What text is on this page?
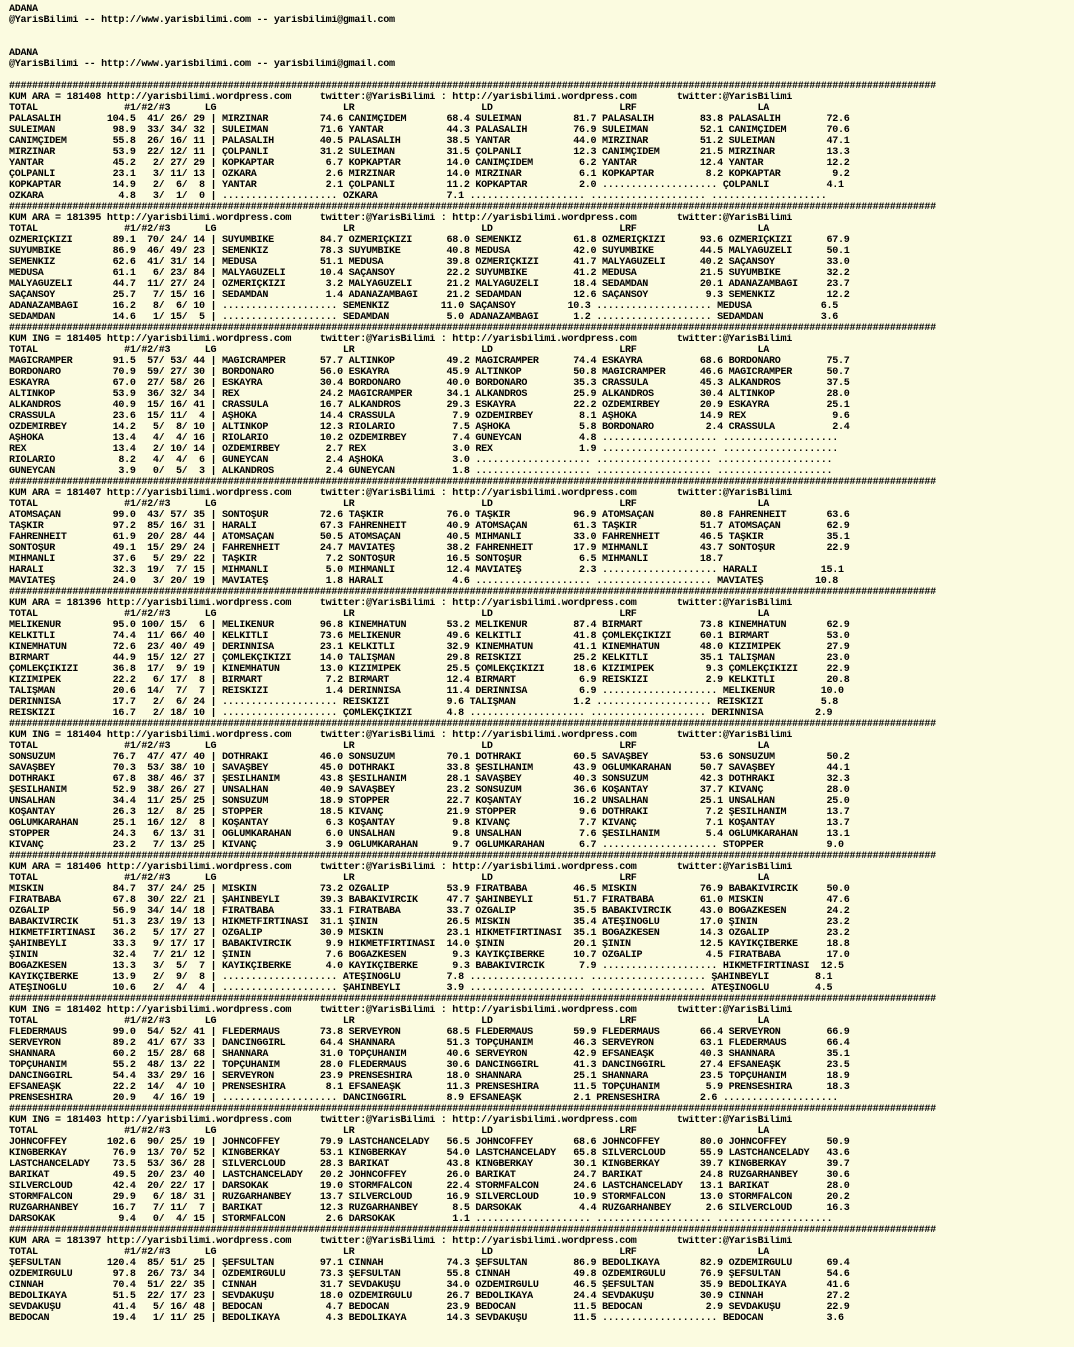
ADANA
@YarisBilimi -- http://www.yarisbilimi.com -- yarisbilimi@gmail.com
ADANA
@YarisBilimi -- http://www.yarisbilimi.com -- yarisbilimi@gmail.com
#################################################################################################################################################################
KUM ARA = 181408 http://yarisbilimi.wordpress.com     twitter:@YarisBilimi : http://yarisbilimi.wordpress.com       twitter:@YarisBilimi
TOTAL               #1/#2/#3      LG                      LR                      LD                      LRF                     LA
PALASALİH        104.5  41/ 26/ 29 | MIRZINAR         74.6 CANIMÇİDEM       68.4 SULEIMAN         81.7 PALASALİH        83.8 PALASALİH        72.6
SULEIMAN          98.9  33/ 34/ 32 | SULEIMAN         71.6 YANTAR           44.3 PALASALİH        76.9 SULEIMAN         52.1 CANIMÇİDEM       70.6
CANIMÇİDEM        55.8  26/ 16/ 11 | PALASALİH        40.5 PALASALİH        38.5 YANTAR           44.0 MIRZINAR         51.2 SULEIMAN         47.1
MIRZINAR          53.9  22/ 12/ 11 | ÇOLPANLI         31.2 SULEIMAN         31.5 ÇOLPANLI         12.3 CANIMÇİDEM       21.5 MIRZINAR         13.3
YANTAR            45.2   2/ 27/ 29 | KOPKAPTAR         6.7 KOPKAPTAR        14.0 CANIMÇİDEM        6.2 YANTAR           12.4 YANTAR           12.2
ÇOLPANLI          23.1   3/ 11/ 13 | ÖZKARA            2.6 MIRZINAR         14.0 MIRZINAR          6.1 KOPKAPTAR         8.2 KOPKAPTAR         9.2
KOPKAPTAR         14.9   2/  6/  8 | YANTAR            2.1 ÇOLPANLI         11.2 KOPKAPTAR         2.0 .................... ÇOLPANLI          4.1
ÖZKARA             4.8   3/  1/  0 | .................... ÖZKARA            7.1 .................... .................... ....................
#################################################################################################################################################################
KUM ARA = 181395 http://yarisbilimi.wordpress.com     twitter:@YarisBilimi : http://yarisbilimi.wordpress.com       twitter:@YarisBilimi
TOTAL               #1/#2/#3      LG                      LR                      LD                      LRF                     LA
ÖZMERİÇKIZI       89.1  70/ 24/ 14 | SUYUMBİKE        84.7 ÖZMERİÇKIZI      68.0 SEMENKIZ         61.8 ÖZMERİÇKIZI      93.6 ÖZMERİÇKIZI      67.9
SUYUMBİKE         86.9  46/ 49/ 23 | SEMENKIZ         78.3 SUYUMBİKE        40.8 MEDUSA           42.0 SUYUMBİKE        44.5 MALYAGÜZELİ      50.1
SEMENKIZ          62.6  41/ 31/ 14 | MEDUSA           51.1 MEDUSA           39.8 ÖZMERİÇKIZI      41.7 MALYAGÜZELİ      40.2 SAÇANSOY         33.0
MEDUSA            61.1   6/ 23/ 84 | MALYAGÜZELİ      10.4 SAÇANSOY         22.2 SUYUMBİKE        41.2 MEDUSA           21.5 SUYUMBİKE        32.2
MALYAGÜZELİ       44.7  11/ 27/ 24 | ÖZMERİÇKIZI       3.2 MALYAGÜZELİ      21.2 MALYAGÜZELİ      18.4 SEDAMDAN         20.1 ADANAZAMBAĞI     23.7
SAÇANSOY          25.7   7/ 15/ 16 | SEDAMDAN          1.4 ADANAZAMBAĞI     21.2 SEDAMDAN         12.6 SAÇANSOY          9.3 SEMENKIZ         12.2
ADANAZAMBAĞI      16.2   8/  6/ 10 | .................... SEMENKIZ         11.0 SAÇANSOY         10.3 .................... MEDUSA            6.5
SEDAMDAN          14.6   1/ 15/  5 | .................... SEDAMDAN          5.0 ADANAZAMBAĞI      1.2 .................... SEDAMDAN          3.6
#################################################################################################################################################################
KUM İNG = 181405 http://yarisbilimi.wordpress.com     twitter:@YarisBilimi : http://yarisbilimi.wordpress.com       twitter:@YarisBilimi
TOTAL               #1/#2/#3      LG                      LR                      LD                      LRF                     LA
MAGICRAMPER       91.5  57/ 53/ 44 | MAGICRAMPER      57.7 ALTINKOP         49.2 MAGICRAMPER      74.4 ESKAYRA          68.6 BORDONARO        75.7
BORDONARO         70.9  59/ 27/ 30 | BORDONARO        56.0 ESKAYRA          45.9 ALTINKOP         50.8 MAGICRAMPER      46.6 MAGICRAMPER      50.7
ESKAYRA           67.0  27/ 58/ 26 | ESKAYRA          30.4 BORDONARO        40.0 BORDONARO        35.3 CRASSULA         45.3 ALKANDROS        37.5
ALTINKOP          53.9  36/ 32/ 34 | REX              24.2 MAGICRAMPER      34.1 ALKANDROS        25.9 ALKANDROS        30.4 ALTINKOP         28.0
ALKANDROS         40.9  15/ 16/ 41 | CRASSULA         16.7 ALKANDROS        29.3 ESKAYRA          22.2 ÖZDEMİRBEY       20.9 ESKAYRA          25.1
CRASSULA          23.6  15/ 11/  4 | AŞHOKA           14.4 CRASSULA          7.9 ÖZDEMİRBEY        8.1 AŞHOKA           14.9 REX               9.6
ÖZDEMİRBEY        14.2   5/  8/ 10 | ALTINKOP         12.3 RİOLARIO          7.5 AŞHOKA            5.8 BORDONARO         2.4 CRASSULA          2.4
AŞHOKA            13.4   4/  4/ 16 | RİOLARIO         10.2 ÖZDEMİRBEY        7.4 GÜNEYCAN          4.8 .................... ....................
REX               13.4   2/ 10/ 14 | ÖZDEMİRBEY        2.7 REX               3.0 REX               1.9 .................... ....................
RİOLARIO           8.2   4/  4/  6 | GÜNEYCAN          2.4 AŞHOKA            3.0 .................... .................... ....................
GÜNEYCAN           3.9   0/  5/  3 | ALKANDROS         2.4 GÜNEYCAN          1.8 .................... .................... ....................
#################################################################################################################################################################
KUM ARA = 181407 http://yarisbilimi.wordpress.com     twitter:@YarisBilimi : http://yarisbilimi.wordpress.com       twitter:@YarisBilimi
TOTAL               #1/#2/#3      LG                      LR                      LD                      LRF                     LA
ATOMSAÇAN         99.0  43/ 57/ 35 | SONTOŞUR         72.6 TAŞKIR           76.0 TAŞKIR           96.9 ATOMSAÇAN        80.8 FAHRENHEİT       63.6
TAŞKIR            97.2  85/ 16/ 31 | HARALİ           67.3 FAHRENHEİT       40.9 ATOMSAÇAN        61.3 TAŞKIR           51.7 ATOMSAÇAN        62.9
FAHRENHEİT        61.9  20/ 28/ 44 | ATOMSAÇAN        50.5 ATOMSAÇAN        40.5 MİHMANLI         33.0 FAHRENHEİT       46.5 TAŞKIR           35.1
SONTOŞUR          49.1  15/ 29/ 24 | FAHRENHEİT       24.7 MAVİATEŞ         38.2 FAHRENHEİT       17.9 MİHMANLI         43.7 SONTOŞUR         22.9
MİHMANLI          37.6   5/ 29/ 22 | TAŞKIR            7.2 SONTOŞUR         16.5 SONTOŞUR          6.5 MİHMANLI         18.7
HARALİ            32.3  19/  7/ 15 | MİHMANLI          5.0 MİHMANLI         12.4 MAVİATEŞ          2.3 .................... HARALİ           15.1
MAVİATEŞ          24.0   3/ 20/ 19 | MAVİATEŞ          1.8 HARALİ            4.6 .................... .................... MAVİATEŞ         10.8
#################################################################################################################################################################
KUM ARA = 181396 http://yarisbilimi.wordpress.com     twitter:@YarisBilimi : http://yarisbilimi.wordpress.com       twitter:@YarisBilimi
TOTAL               #1/#2/#3      LG                      LR                      LD                      LRF                     LA
MELİKENUR         95.0 100/ 15/  6 | MELİKENUR        96.8 KİNEMHATUN       53.2 MELİKENUR        87.4 BİRMART          73.8 KİNEMHATUN       62.9
KELKİTLİ          74.4  11/ 66/ 40 | KELKİTLİ         73.6 MELİKENUR        49.6 KELKİTLİ         41.8 ÇÖMLEKÇİKIZI     60.1 BİRMART          53.0
KİNEMHATUN        72.6  23/ 40/ 49 | DERİNNİSA        23.1 KELKİTLİ         32.9 KİNEMHATUN       41.1 KİNEMHATUN       48.0 KIZIMİPEK        27.9
BİRMART           44.9  15/ 12/ 27 | ÇÖMLEKÇİKIZI     14.0 TALİŞMAN         29.8 REİSKIZI         25.2 KELKİTLİ         35.1 TALİŞMAN         23.0
ÇÖMLEKÇİKIZI      36.8  17/  9/ 19 | KİNEMHATUN       13.0 KIZIMİPEK        25.5 ÇÖMLEKÇİKIZI     18.6 KIZIMİPEK         9.3 ÇÖMLEKÇİKIZI     22.9
KIZIMİPEK         22.2   6/ 17/  8 | BİRMART           7.2 BİRMART          12.4 BİRMART           6.9 REİSKIZI          2.9 KELKİTLİ         20.8
TALİŞMAN          20.6  14/  7/  7 | REİSKIZI          1.4 DERİNNİSA        11.4 DERİNNİSA         6.9 .................... MELİKENUR        10.0
DERİNNİSA         17.7   2/  6/ 24 | .................... REİSKIZI          9.6 TALİŞMAN          1.2 .................... REİSKIZI          5.8
REİSKIZI          16.7   2/ 18/ 10 | .................... ÇÖMLEKÇİKIZI      4.8 .................... .................... DERİNNİSA         2.9
#################################################################################################################################################################
KUM İNG = 181404 http://yarisbilimi.wordpress.com     twitter:@YarisBilimi : http://yarisbilimi.wordpress.com       twitter:@YarisBilimi
TOTAL               #1/#2/#3      LG                      LR                      LD                      LRF                     LA
SONSUZUM          76.7  47/ 47/ 40 | DOTHRAKI         46.0 SONSUZUM         70.1 DOTHRAKI         60.5 SAVAŞBEY         53.6 SONSUZUM         50.2
SAVAŞBEY          70.3  53/ 38/ 10 | SAVAŞBEY         45.0 DOTHRAKI         33.8 ŞESİLHANIM       43.9 OĞLUMKARAHAN     50.7 SAVAŞBEY         44.1
DOTHRAKI          67.8  38/ 46/ 37 | ŞESİLHANIM       43.8 ŞESİLHANIM       28.1 SAVAŞBEY         40.3 SONSUZUM         42.3 DOTHRAKI         32.3
ŞESİLHANIM        52.9  38/ 26/ 27 | ÜNSALHAN         40.9 SAVAŞBEY         23.2 SONSUZUM         36.6 KOŞANTAY         37.7 KIVANÇ           28.0
ÜNSALHAN          34.4  11/ 25/ 25 | SONSUZUM         18.9 STOPPER          22.7 KOŞANTAY         16.2 ÜNSALHAN         25.1 ÜNSALHAN         25.0
KOŞANTAY          26.3  12/  8/ 25 | STOPPER          18.5 KIVANÇ           21.9 STOPPER           9.6 DOTHRAKI          7.2 ŞESİLHANIM       13.7
OĞLUMKARAHAN      25.1  16/ 12/  8 | KOŞANTAY          6.3 KOŞANTAY          9.8 KIVANÇ            7.7 KIVANÇ            7.1 KOŞANTAY         13.7
STOPPER           24.3   6/ 13/ 31 | OĞLUMKARAHAN      6.0 ÜNSALHAN          9.8 ÜNSALHAN          7.6 ŞESİLHANIM        5.4 OĞLUMKARAHAN     13.1
KIVANÇ            23.2   7/ 13/ 25 | KIVANÇ            3.9 OĞLUMKARAHAN      9.7 OĞLUMKARAHAN      6.7 .................... STOPPER           9.0
#################################################################################################################################################################
KUM ARA = 181406 http://yarisbilimi.wordpress.com     twitter:@YarisBilimi : http://yarisbilimi.wordpress.com       twitter:@YarisBilimi
TOTAL               #1/#2/#3      LG                      LR                      LD                      LRF                     LA
MİSKİN            84.7  37/ 24/ 25 | MİSKİN           73.2 ÖZGALİP          53.9 FİRATBABA        46.5 MİSKİN           76.9 BABAKIVIRCIK     50.0
FİRATBABA         67.8  30/ 22/ 21 | ŞAHİNBEYLİ       39.3 BABAKIVIRCIK     47.7 ŞAHİNBEYLİ       51.7 FİRATBABA        61.0 MİSKİN           47.6
ÖZGALİP           56.9  34/ 14/ 18 | FİRATBABA        33.1 FİRATBABA        33.7 ÖZGALİP          35.5 BABAKIVIRCIK     43.0 BOĞAZKESEN       24.2
BABAKIVIRCIK      51.3  23/ 19/ 13 | HİKMETFIRTINASI  31.1 ŞİNİN            26.5 MİSKİN           35.4 ATEŞİNOĞLU       17.0 ŞİNİN            23.2
HİKMETFIRTINASI   36.2   5/ 17/ 27 | ÖZGALİP          30.9 MİSKİN           23.1 HİKMETFIRTINASI  35.1 BOĞAZKESEN       14.3 ÖZGALİP          23.2
ŞAHİNBEYLİ        33.3   9/ 17/ 17 | BABAKIVIRCIK      9.9 HİKMETFIRTINASI  14.0 ŞİNİN            20.1 ŞİNİN            12.5 KAYIKÇIBERKE     18.8
ŞİNİN             32.4   7/ 21/ 12 | ŞİNİN             7.6 BOĞAZKESEN        9.3 KAYIKÇIBERKE     10.7 ÖZGALİP           4.5 FİRATBABA        17.0
BOĞAZKESEN        13.3   3/  5/  7 | KAYIKÇIBERKE      4.0 KAYIKÇIBERKE      9.3 BABAKIVIRCIK      7.9 .................... HİKMETFIRTINASI  12.5
KAYIKÇIBERKE      13.9   2/  9/  8 | .................... ATEŞİNOĞLU        7.8 .................... .................... ŞAHİNBEYLİ        8.1
ATEŞİNOĞLU        10.6   2/  4/  4 | .................... ŞAHİNBEYLİ        3.9 .................... .................... ATEŞİNOĞLU        4.5
#################################################################################################################################################################
KUM İNG = 181402 http://yarisbilimi.wordpress.com     twitter:@YarisBilimi : http://yarisbilimi.wordpress.com       twitter:@YarisBilimi
TOTAL               #1/#2/#3      LG                      LR                      LD                      LRF                     LA
FLEDERMAUS        99.0  54/ 52/ 41 | FLEDERMAUS       73.8 SERVEYRON        68.5 FLEDERMAUS       59.9 FLEDERMAUS       66.4 SERVEYRON        66.9
SERVEYRON         89.2  41/ 67/ 33 | DANCINGGIRL      64.4 SHANNARA         51.3 TOPÇUHANIM       46.3 SERVEYRON        63.1 FLEDERMAUS       66.4
SHANNARA          60.2  15/ 28/ 68 | SHANNARA         31.0 TOPÇUHANIM       40.6 SERVEYRON        42.9 EFSANEAŞK        40.3 SHANNARA         35.1
TOPÇUHANIM        55.2  48/ 13/ 22 | TOPÇUHANIM       28.0 FLEDERMAUS       30.6 DANCINGGIRL      41.3 DANCINGGIRL      27.4 EFSANEAŞK        23.5
DANCINGGIRL       54.4  33/ 29/ 16 | SERVEYRON        23.9 PRENSESHİRA      18.0 SHANNARA         25.1 SHANNARA         23.5 TOPÇUHANIM       18.9
EFSANEAŞK         22.2  14/  4/ 10 | PRENSESHİRA       8.1 EFSANEAŞK        11.3 PRENSESHİRA      11.5 TOPÇUHANIM        5.9 PRENSESHİRA      18.3
PRENSESHİRA       20.9   4/ 16/ 19 | .................... DANCINGGIRL       8.9 EFSANEAŞK         2.1 PRENSESHİRA       2.6 ....................
#################################################################################################################################################################
KUM İNG = 181403 http://yarisbilimi.wordpress.com     twitter:@YarisBilimi : http://yarisbilimi.wordpress.com       twitter:@YarisBilimi
TOTAL               #1/#2/#3      LG                      LR                      LD                      LRF                     LA
JOHNCOFFEY       102.6  90/ 25/ 19 | JOHNCOFFEY       79.9 LASTCHANCELADY   56.5 JOHNCOFFEY       68.6 JOHNCOFFEY       80.0 JOHNCOFFEY       50.9
KINGBERKAY        76.9  13/ 70/ 52 | KINGBERKAY       53.1 KINGBERKAY       54.0 LASTCHANCELADY   65.8 SILVERCLOUD      55.9 LASTCHANCELADY   43.6
LASTCHANCELADY    73.5  53/ 36/ 28 | SILVERCLOUD      28.3 BARİKAT          43.8 KINGBERKAY       30.1 KINGBERKAY       39.7 KINGBERKAY       39.7
BARİKAT           49.5  20/ 23/ 40 | LASTCHANCELADY   20.2 JOHNCOFFEY       26.0 BARİKAT          24.7 BARİKAT          24.8 RÜZGARHANBEY     30.6
SILVERCLOUD       42.4  20/ 22/ 17 | DARSOKAK         19.0 STORMFALCON      22.4 STORMFALCON      24.6 LASTCHANCELADY   13.1 BARİKAT          28.0
STORMFALCON       29.9   6/ 18/ 31 | RÜZGARHANBEY     13.7 SILVERCLOUD      16.9 SILVERCLOUD      10.9 STORMFALCON      13.0 STORMFALCON      20.2
RÜZGARHANBEY      16.7   7/ 11/  7 | BARİKAT          12.3 RÜZGARHANBEY      8.5 DARSOKAK          4.4 RÜZGARHANBEY      2.6 SILVERCLOUD      16.3
DARSOKAK           9.4   0/  4/ 15 | STORMFALCON       2.6 DARSOKAK          1.1 .................... .................... ....................
#################################################################################################################################################################
KUM ARA = 181397 http://yarisbilimi.wordpress.com     twitter:@YarisBilimi : http://yarisbilimi.wordpress.com       twitter:@YarisBilimi
TOTAL               #1/#2/#3      LG                      LR                      LD                      LRF                     LA
ŞEFSULTAN        120.4  85/ 51/ 25 | ŞEFSULTAN        97.1 CİNNAH           74.3 ŞEFSULTAN        86.9 BEDOLİKAYA       82.9 ÖZDEMİRGÜLÜ      69.4
ÖZDEMİRGÜLÜ       97.8  26/ 73/ 34 | ÖZDEMİRGÜLÜ      73.3 ŞEFSULTAN        55.8 CİNNAH           49.8 ÖZDEMİRGÜLÜ      76.9 ŞEFSULTAN        54.6
CİNNAH            70.4  51/ 22/ 35 | CİNNAH           31.7 SEVDAKUŞU        34.0 ÖZDEMİRGÜLÜ      46.5 ŞEFSULTAN        35.9 BEDOLİKAYA       41.6
BEDOLİKAYA        51.5  22/ 17/ 23 | SEVDAKUŞU        18.0 ÖZDEMİRGÜLÜ      26.7 BEDOLİKAYA       24.4 SEVDAKUŞU        30.9 CİNNAH           27.2
SEVDAKUŞU         41.4   5/ 16/ 48 | BEDOCAN           4.7 BEDOCAN          23.9 BEDOCAN          11.5 BEDOCAN           2.9 SEVDAKUŞU        22.9
BEDOCAN           19.4   1/ 11/ 25 | BEDOLİKAYA        4.3 BEDOLİKAYA       14.3 SEVDAKUŞU        11.5 .................... BEDOCAN           3.6
